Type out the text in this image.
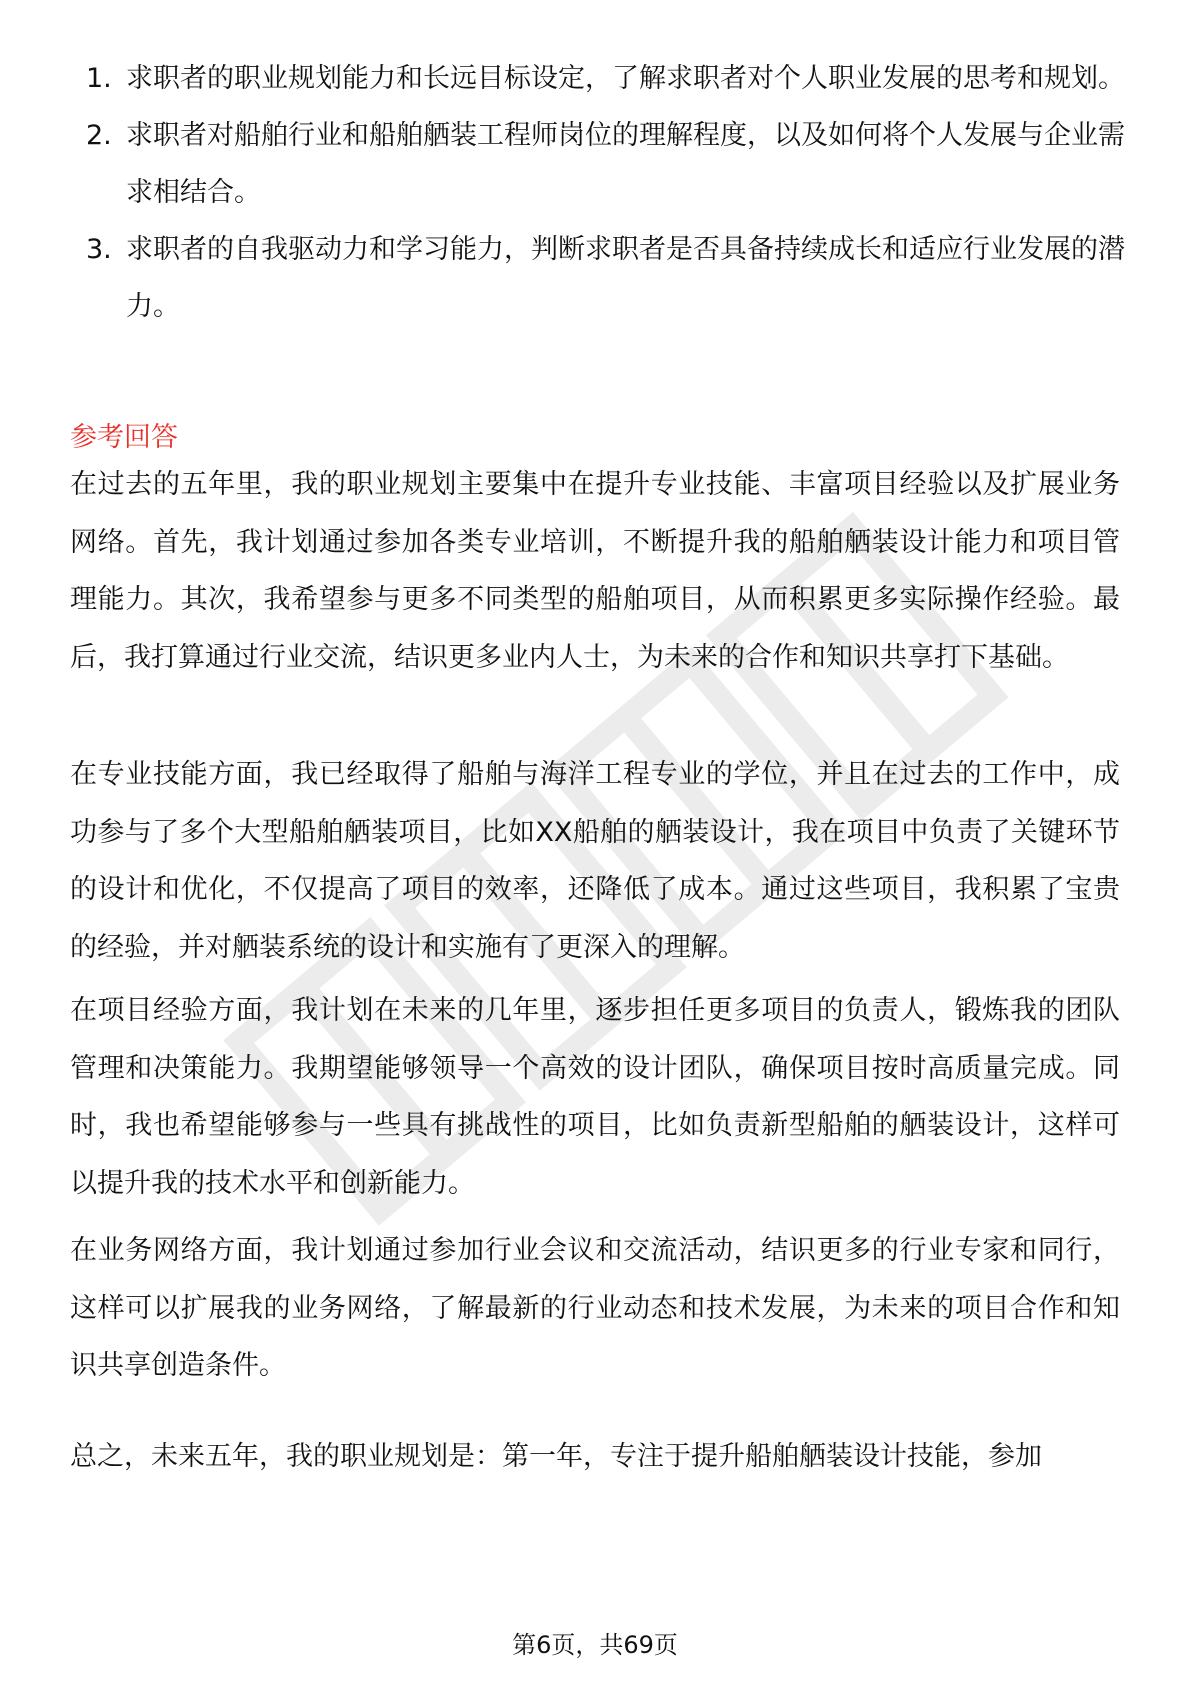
1. 求职者的职业规划能力和长远目标设定，了解求职者对个人职业发展的思考和规划。
2. 求职者对船舶行业和船舶舾装工程师岗位的理解程度，以及如何将个人发展与企业需求相结合。
3. 求职者的自我驱动力和学习能力，判断求职者是否具备持续成长和适应行业发展的潜力。
参考回答

在过去的五年里，我的职业规划主要集中在提升专业技能、丰富项目经验以及扩展业务网络。首先，我计划通过参加各类专业培训，不断提升我的船舶舾装设计能力和项目管理能力。其次，我希望参与更多不同类型的船舶项目，从而积累更多实际操作经验。最后，我打算通过行业交流，结识更多业内人士，为未来的合作和知识共享打下基础。

在专业技能方面，我已经取得了船舶与海洋工程专业的学位，并且在过去的工作中，成功参与了多个大型船舶舾装项目，比如XX船舶的舾装设计，我在项目中负责了关键环节的设计和优化，不仅提高了项目的效率，还降低了成本。通过这些项目，我积累了宝贵的经验，并对舾装系统的设计和实施有了更深入的理解。

在项目经验方面，我计划在未来的几年里，逐步担任更多项目的负责人，锻炼我的团队管理和决策能力。我期望能够领导一个高效的设计团队，确保项目按时高质量完成。同时，我也希望能够参与一些具有挑战性的项目，比如负责新型船舶的舾装设计，这样可以提升我的技术水平和创新能力。

在业务网络方面，我计划通过参加行业会议和交流活动，结识更多的行业专家和同行，这样可以扩展我的业务网络，了解最新的行业动态和技术发展，为未来的项目合作和知识共享创造条件。

总之，未来五年，我的职业规划是：第一年，专注于提升船舶舾装设计技能，参加

第6页，共69页
